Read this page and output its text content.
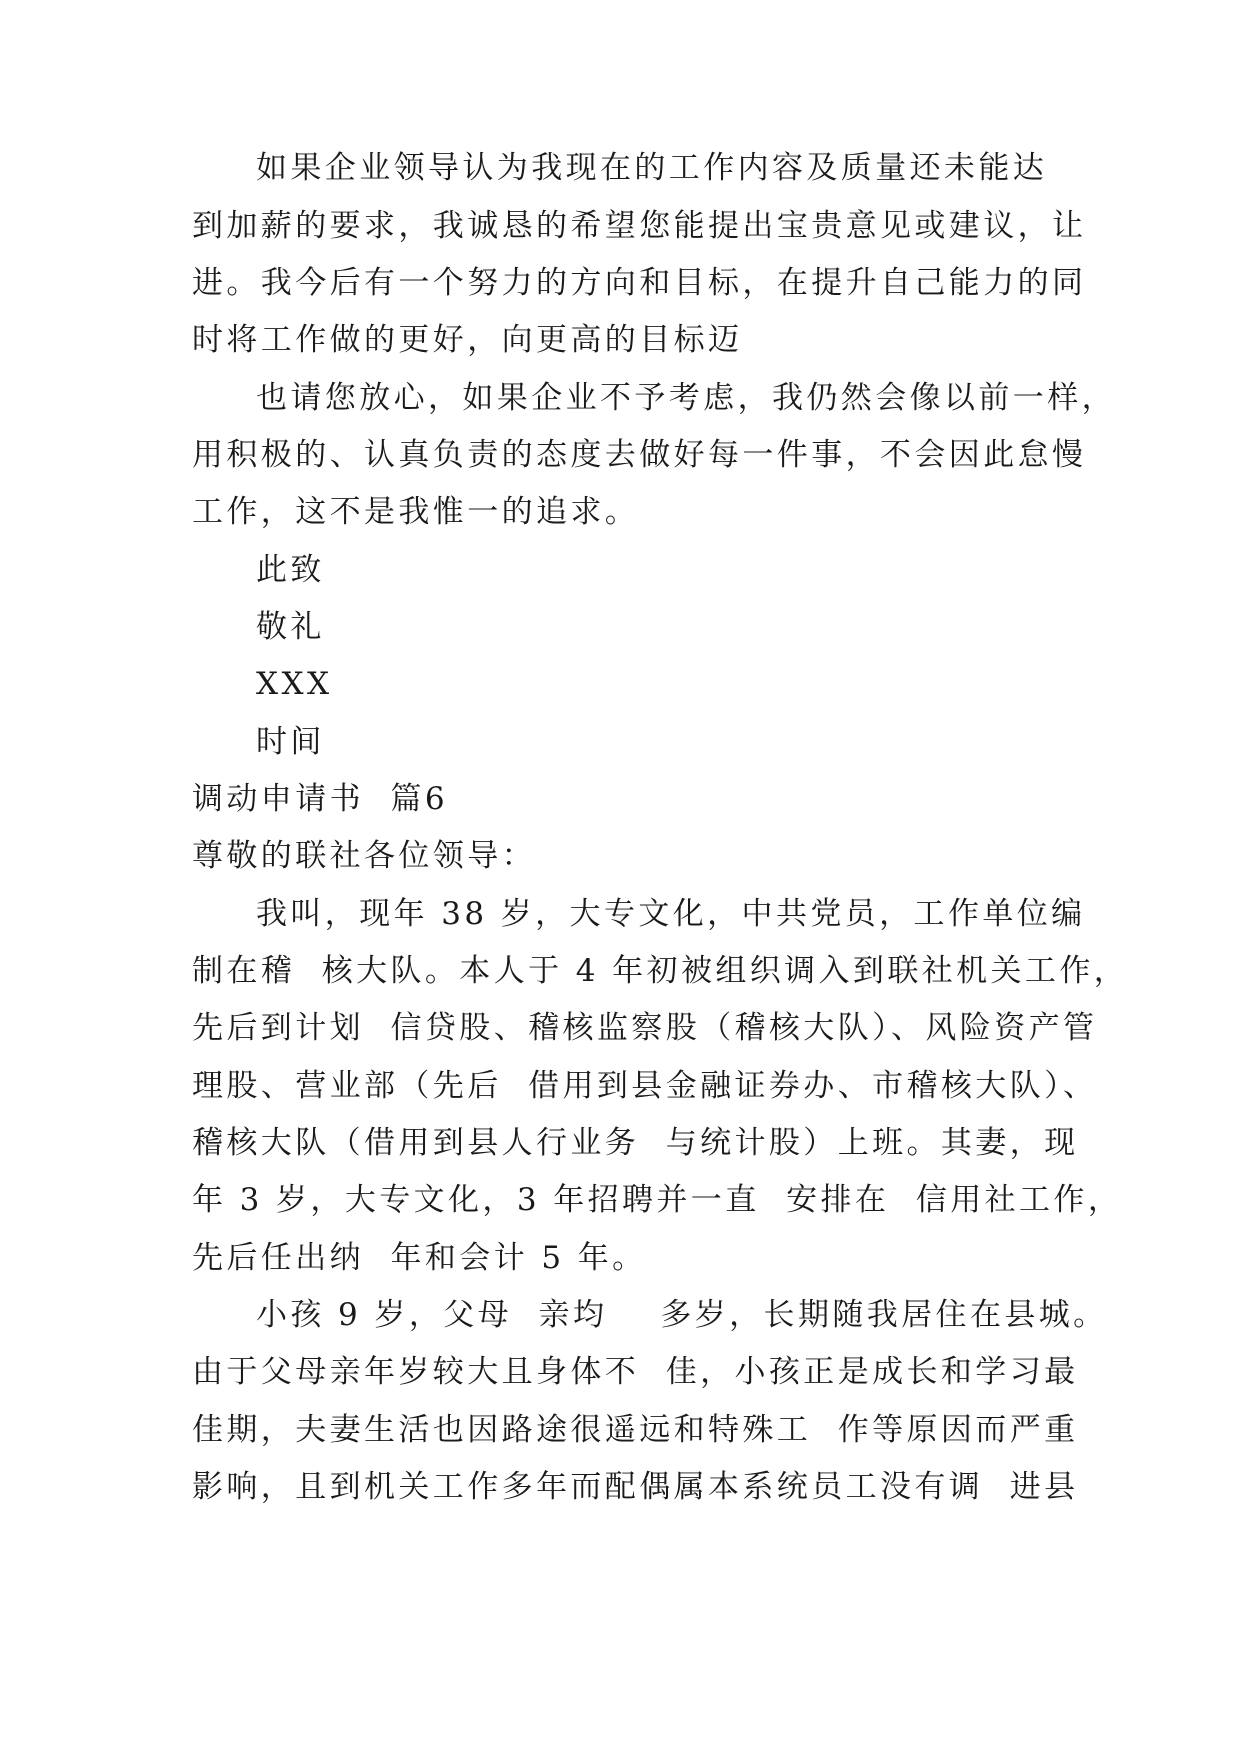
如果企业领导认为我现在的工作内容及质量还未能达
到加薪的要求，我诚恳的希望您能提出宝贵意见或建议，让
进。我今后有一个努力的方向和目标，在提升自己能力的同
时将工作做的更好，向更高的目标迈
也请您放心，如果企业不予考虑，我仍然会像以前一样，
用积极的、认真负责的态度去做好每一件事，不会因此怠慢
工作，这不是我惟一的追求。
此致
敬礼
XXX
时间
调动申请书  篇6
尊敬的联社各位领导：
我叫，现年 38 岁，大专文化，中共党员，工作单位编
制在稽  核大队。本人于 4 年初被组织调入到联社机关工作，
先后到计划  信贷股、稽核监察股（稽核大队）、风险资产管
理股、营业部（先后  借用到县金融证券办、市稽核大队）、
稽核大队（借用到县人行业务  与统计股）上班。其妻，现
年 3 岁，大专文化，3 年招聘并一直  安排在  信用社工作，
先后任出纳  年和会计 5 年。
小孩 9 岁，父母  亲均    多岁，长期随我居住在县城。
由于父母亲年岁较大且身体不  佳，小孩正是成长和学习最
佳期，夫妻生活也因路途很遥远和特殊工  作等原因而严重
影响，且到机关工作多年而配偶属本系统员工没有调  进县
